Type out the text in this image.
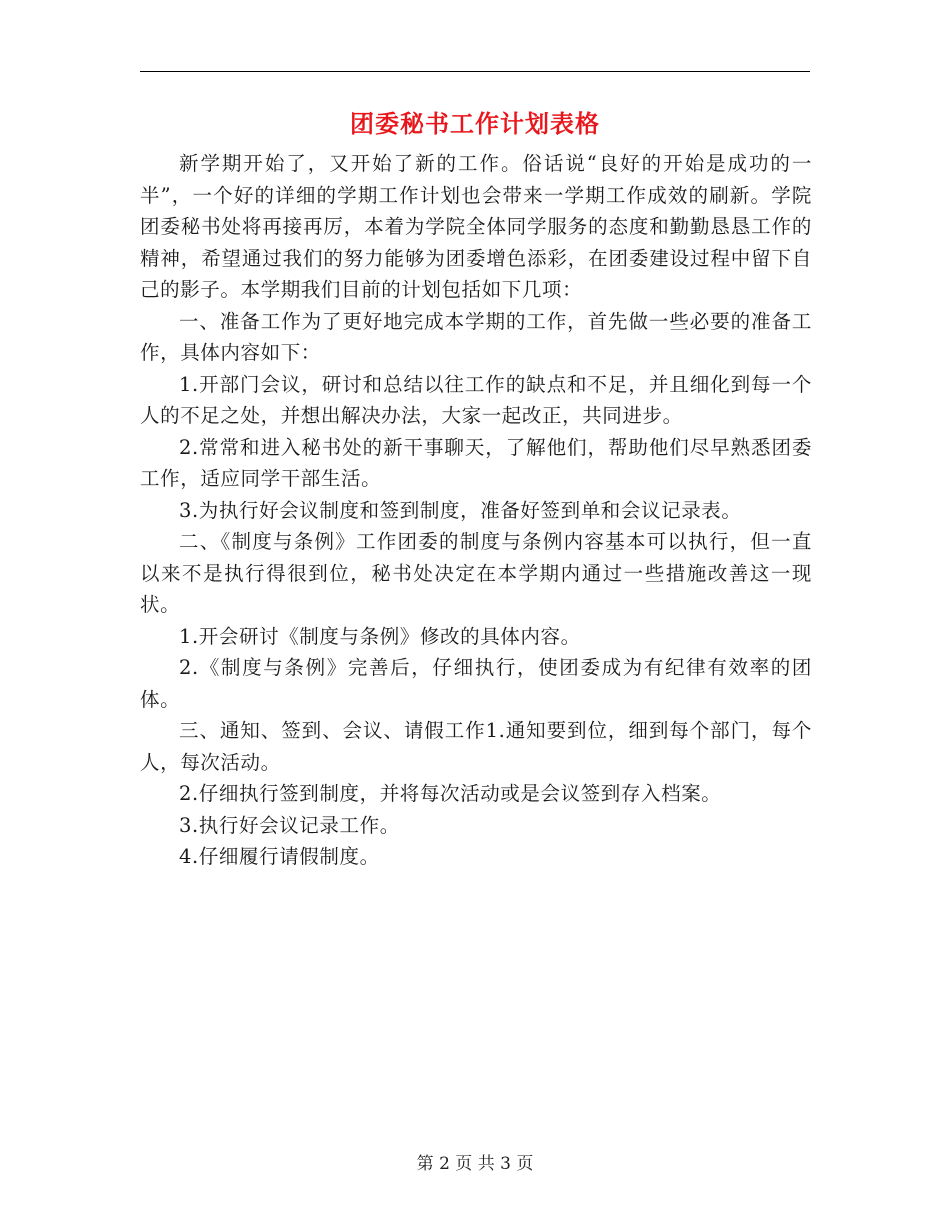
团委秘书工作计划表格

新学期开始了，又开始了新的工作。俗话说“良好的开始是成功的一半”，一个好的详细的学期工作计划也会带来一学期工作成效的刷新。学院团委秘书处将再接再厉，本着为学院全体同学服务的态度和勤勤恳恳工作的精神，希望通过我们的努力能够为团委增色添彩，在团委建设过程中留下自己的影子。本学期我们目前的计划包括如下几项：

一、准备工作为了更好地完成本学期的工作，首先做一些必要的准备工作，具体内容如下：

1.开部门会议，研讨和总结以往工作的缺点和不足，并且细化到每一个人的不足之处，并想出解决办法，大家一起改正，共同进步。

2.常常和进入秘书处的新干事聊天，了解他们，帮助他们尽早熟悉团委工作，适应同学干部生活。

3.为执行好会议制度和签到制度，准备好签到单和会议记录表。

二、《制度与条例》工作团委的制度与条例内容基本可以执行，但一直以来不是执行得很到位，秘书处决定在本学期内通过一些措施改善这一现状。

1.开会研讨《制度与条例》修改的具体内容。

2.《制度与条例》完善后，仔细执行，使团委成为有纪律有效率的团体。

三、通知、签到、会议、请假工作1.通知要到位，细到每个部门，每个人，每次活动。

2.仔细执行签到制度，并将每次活动或是会议签到存入档案。

3.执行好会议记录工作。

4.仔细履行请假制度。

第 2 页 共 3 页
